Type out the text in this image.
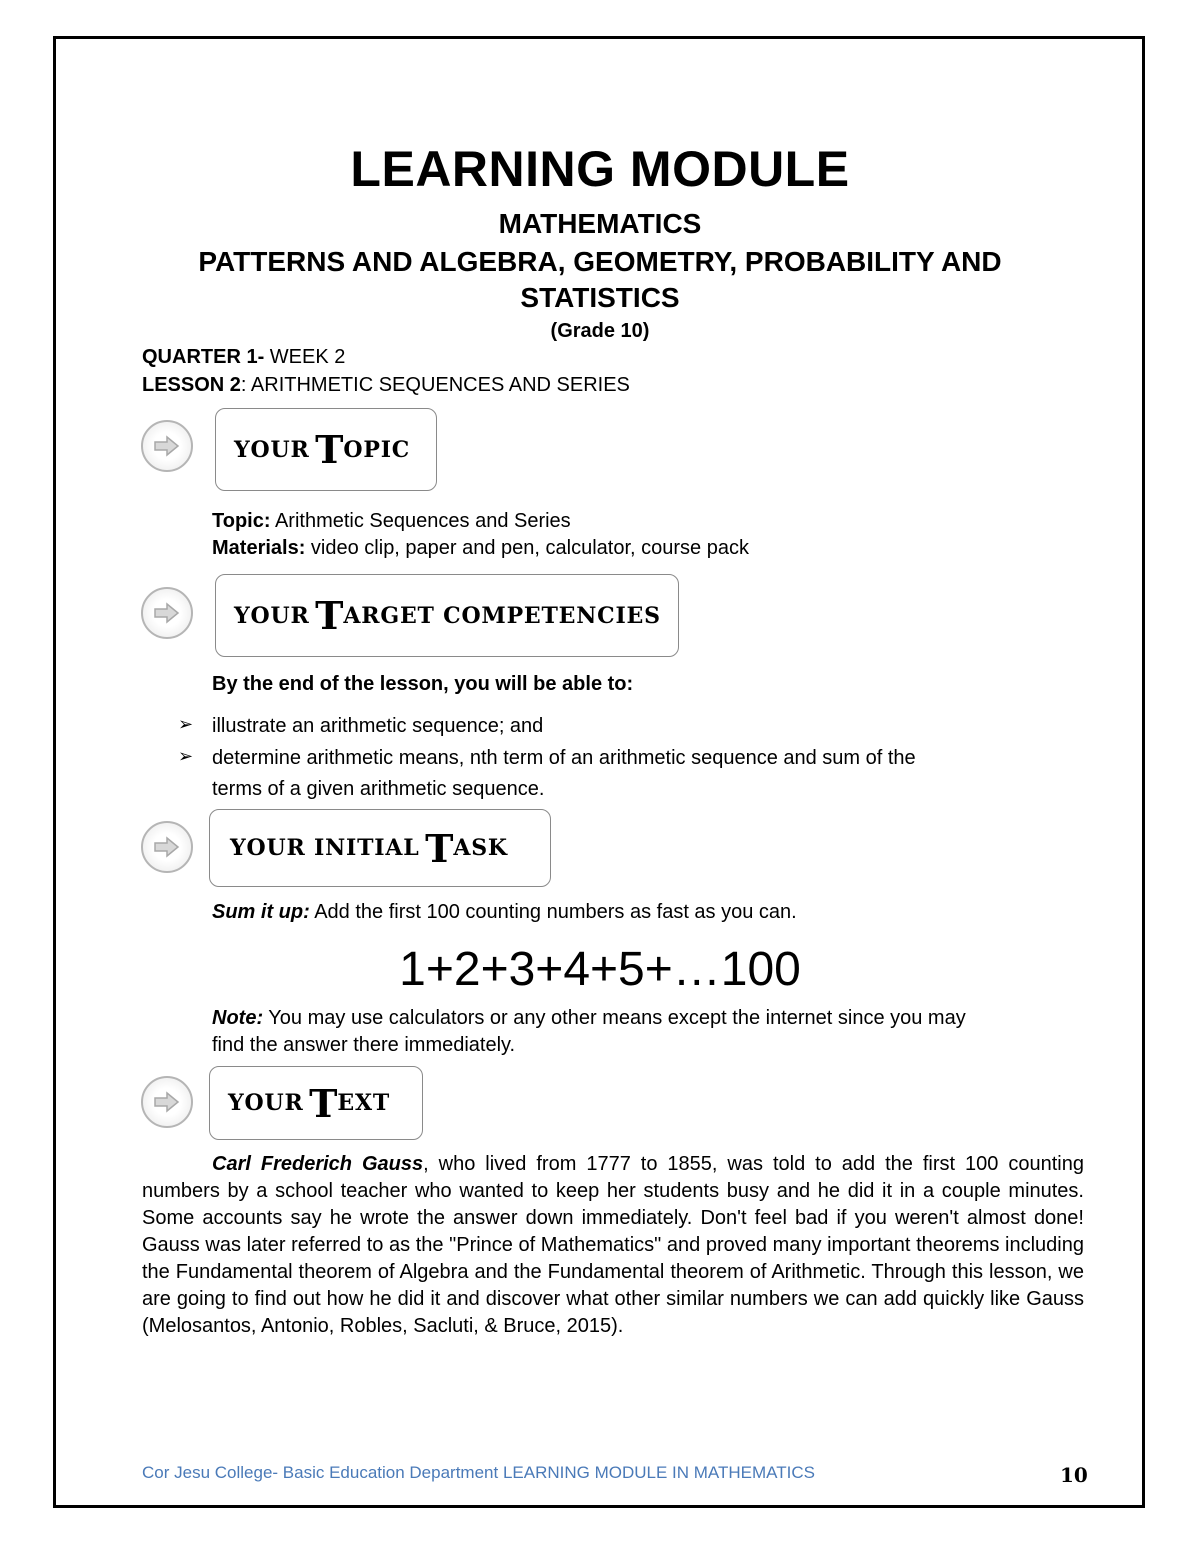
LEARNING MODULE
MATHEMATICS
PATTERNS AND ALGEBRA, GEOMETRY, PROBABILITY AND
STATISTICS
(Grade 10)
QUARTER 1- WEEK 2
LESSON 2: ARITHMETIC SEQUENCES AND SERIES
YOUR
T OPIC
Topic: Arithmetic Sequences and Series
Materials: video clip, paper and pen, calculator, course pack
YOUR
T ARGET COMPETENCIES
By the end of the lesson, you will be able to:
➢ illustrate an arithmetic sequence; and
➢ determine arithmetic means, nth term of an arithmetic sequence and sum of the
terms of a given arithmetic sequence.
YOUR INITIAL
T ASK
Sum it up: Add the first 100 counting numbers as fast as you can.
1+2+3+4+5+…100
Note: You may use calculators or any other means except the internet since you may
find the answer there immediately.
YOUR
T EXT
Carl Frederich Gauss, who lived from 1777 to 1855, was told to add the first 100 counting numbers by a school teacher who wanted to keep her students busy and he did it in a couple minutes. Some accounts say he wrote the answer down immediately. Don't feel bad if you weren't almost done! Gauss was later referred to as the "Prince of Mathematics" and proved many important theorems including the Fundamental theorem of Algebra and the Fundamental theorem of Arithmetic. Through this lesson, we are going to find out how he did it and discover what other similar numbers we can add quickly like Gauss (Melosantos, Antonio, Robles, Sacluti, & Bruce, 2015).
Cor Jesu College- Basic Education Department LEARNING MODULE IN MATHEMATICS	10
